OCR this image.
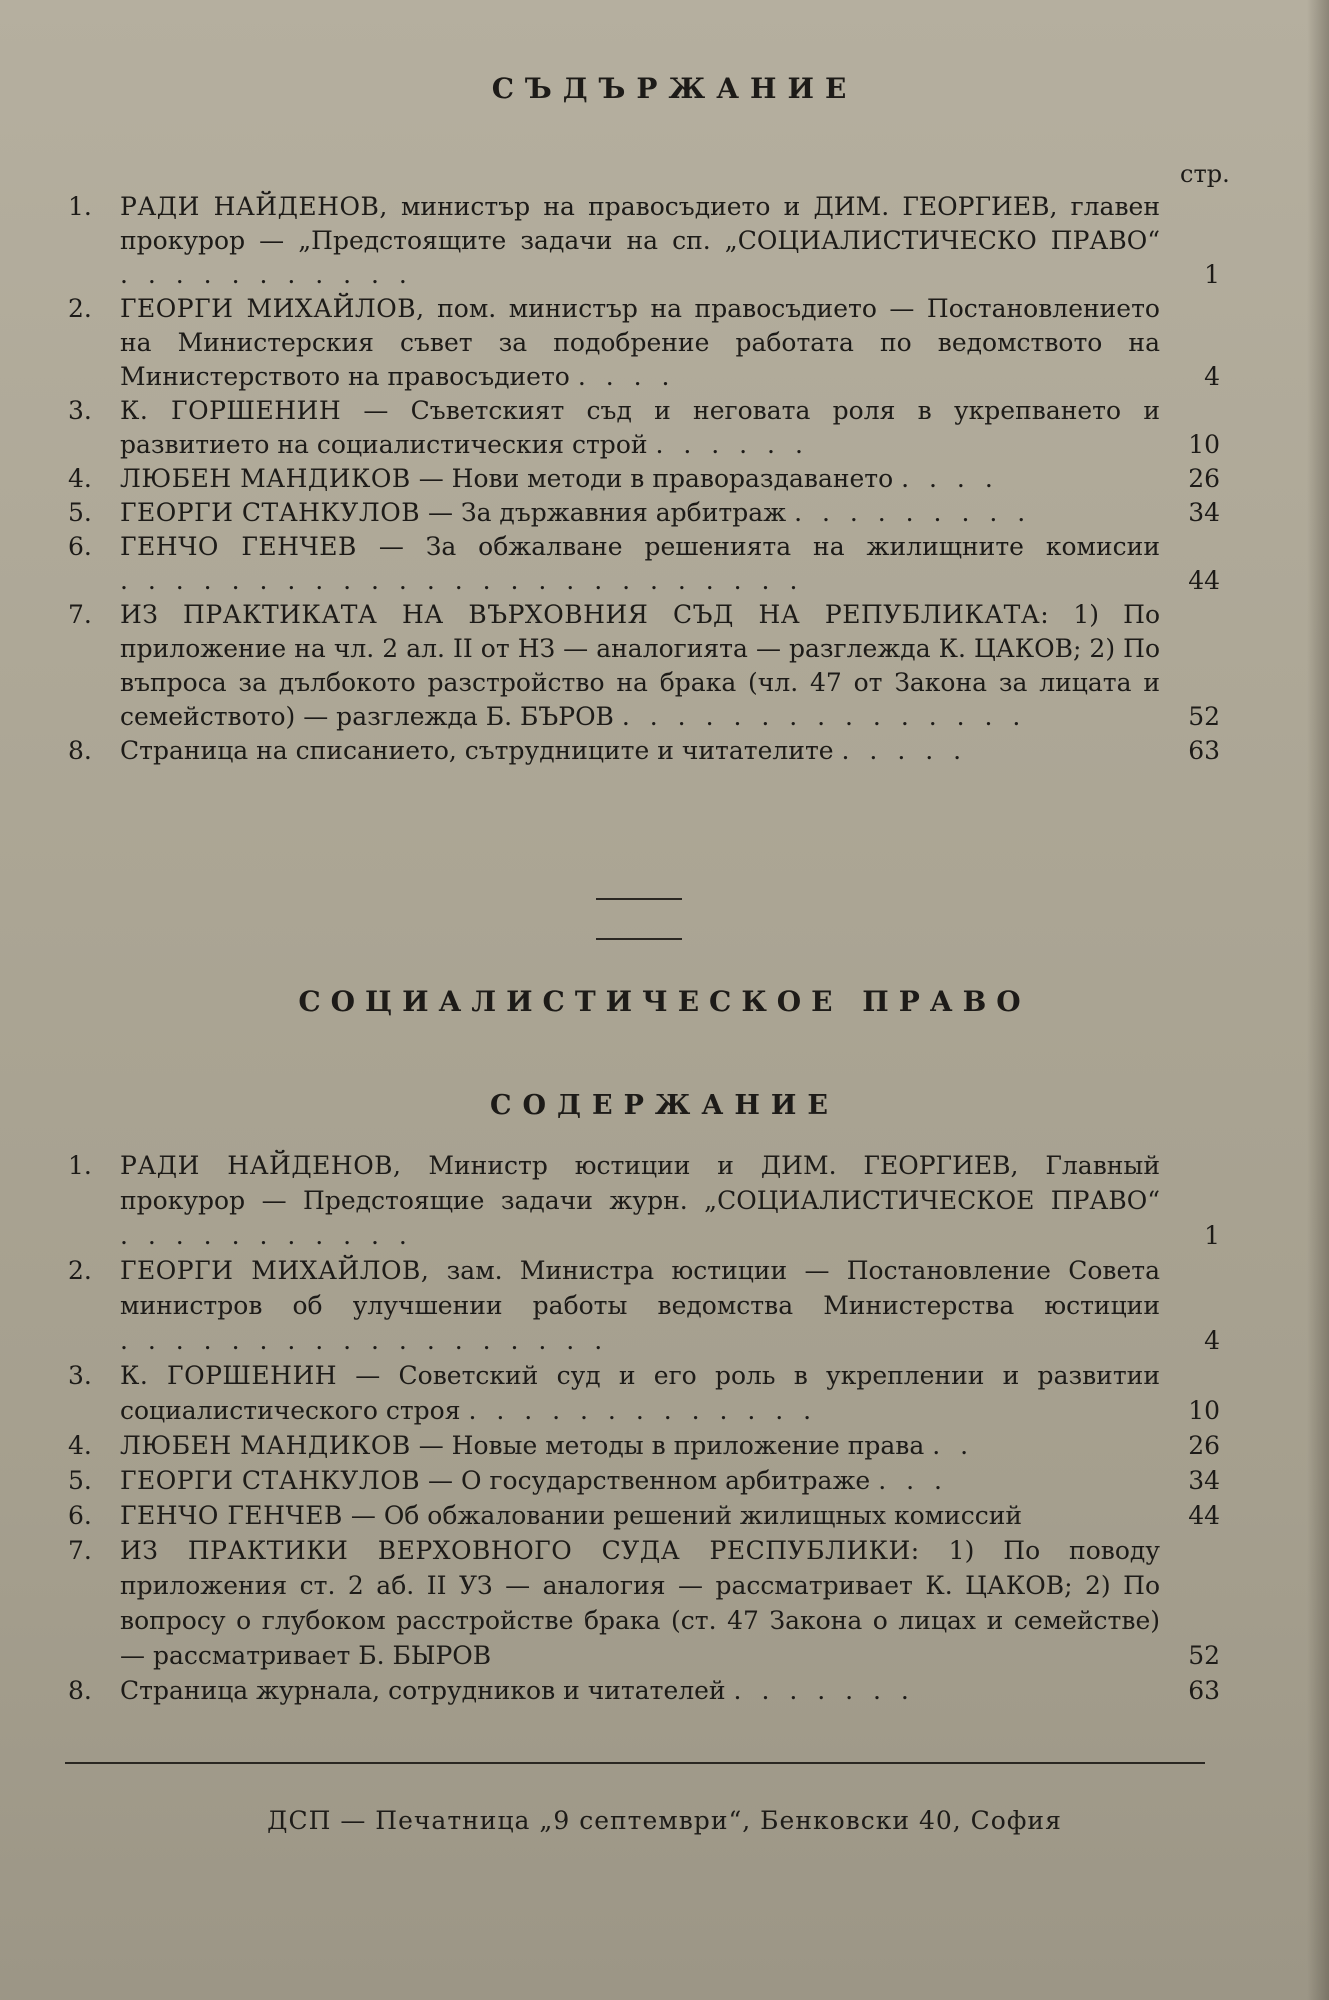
СЪДЪРЖАНИЕ
стр.
1.	РАДИ НАЙДЕНОВ, министър на правосъдието и ДИМ. ГЕОРГИЕВ, главен прокурор — „Предстоящите задачи на сп. „СОЦИАЛИСТИЧЕСКО ПРАВО“ . . . . . . . . . . .	1
2.	ГЕОРГИ МИХАЙЛОВ, пом. министър на правосъдието — Постановлението на Министерския съвет за подобрение работата по ведомството на Министерството на правосъдието . . . .	4
3.	К. ГОРШЕНИН — Съветският съд и неговата роля в укрепването и развитието на социалистическия строй . . . . . .	10
4.	ЛЮБЕН МАНДИКОВ — Нови методи в правораздаването . . . .	26
5.	ГЕОРГИ СТАНКУЛОВ — За държавния арбитраж . . . . . . . . .	34
6.	ГЕНЧО ГЕНЧЕВ — За обжалване решенията на жилищните комисии . . . . . . . . . . . . . . . . . . . . . . . . .	44
7.	ИЗ ПРАКТИКАТА НА ВЪРХОВНИЯ СЪД НА РЕПУБЛИКАТА: 1) По приложение на чл. 2 ал. II от НЗ — аналогията — разглежда К. ЦАКОВ; 2) По въпроса за дълбокото разстройство на брака (чл. 47 от Закона за лицата и семейството) — разглежда Б. БЪРОВ . . . . . . . . . . . . . . .	52
8.	Страница на списанието, сътрудниците и читателите . . . . .	63
СОЦИАЛИСТИЧЕСКОЕ ПРАВО
СОДЕРЖАНИЕ
1.	РАДИ НАЙДЕНОВ, Министр юстиции и ДИМ. ГЕОРГИЕВ, Главный прокурор — Предстоящие задачи журн. „СОЦИАЛИСТИЧЕСКОЕ ПРАВО“ . . . . . . . . . . .	1
2.	ГЕОРГИ МИХАЙЛОВ, зам. Министра юстиции — Постановление Совета министров об улучшении работы ведомства Министерства юстиции . . . . . . . . . . . . . . . . . .	4
3.	К. ГОРШЕНИН — Советский суд и его роль в укреплении и развитии социалистического строя . . . . . . . . . . . . .	10
4.	ЛЮБЕН МАНДИКОВ — Новые методы в приложение права . .	26
5.	ГЕОРГИ СТАНКУЛОВ — О государственном арбитраже . . .	34
6.	ГЕНЧО ГЕНЧЕВ — Об обжаловании решений жилищных комиссий	44
7.	ИЗ ПРАКТИКИ ВЕРХОВНОГО СУДА РЕСПУБЛИКИ: 1) По поводу приложения ст. 2 аб. II УЗ — аналогия — рассматривает К. ЦАКОВ; 2) По вопросу о глубоком расстройстве брака (ст. 47 Закона о лицах и семействе) — рассматривает Б. БЫРОВ	52
8.	Страница журнала, сотрудников и читателей . . . . . . .	63
ДСП — Печатница „9 септември“, Бенковски 40, София
